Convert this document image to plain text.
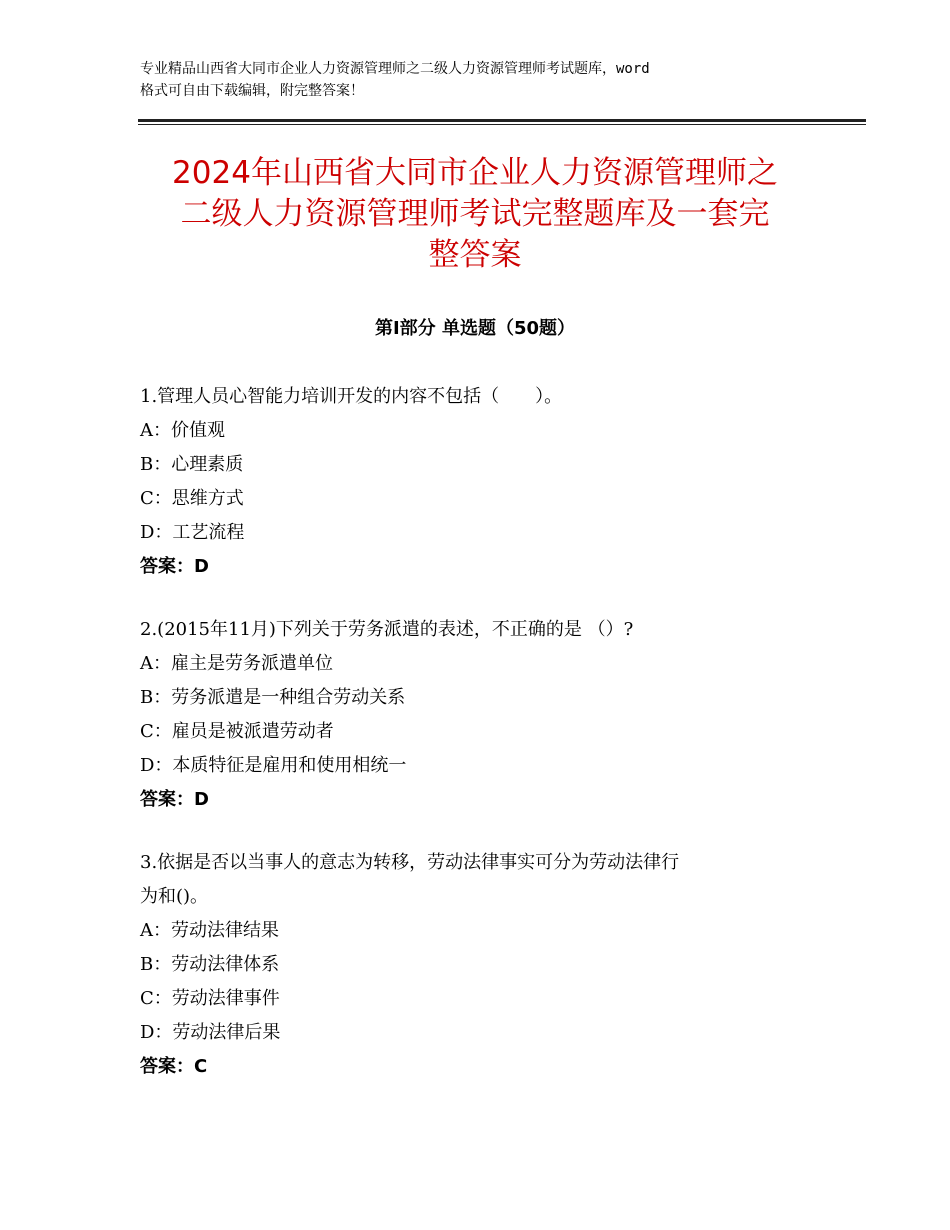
专业精品山西省大同市企业人力资源管理师之二级人力资源管理师考试题库，word
格式可自由下载编辑，附完整答案！
2024年山西省大同市企业人力资源管理师之
二级人力资源管理师考试完整题库及一套完
整答案
第Ⅰ部分 单选题（50题）
1.管理人员心智能力培训开发的内容不包括（　　）。
A：价值观
B：心理素质
C：思维方式
D：工艺流程
答案：D
2.(2015年11月)下列关于劳务派遣的表述，不正确的是 （）?
A：雇主是劳务派遣单位
B：劳务派遣是一种组合劳动关系
C：雇员是被派遣劳动者
D：本质特征是雇用和使用相统一
答案：D
3.依据是否以当事人的意志为转移，劳动法律事实可分为劳动法律行
为和()。
A：劳动法律结果
B：劳动法律体系
C：劳动法律事件
D：劳动法律后果
答案：C
